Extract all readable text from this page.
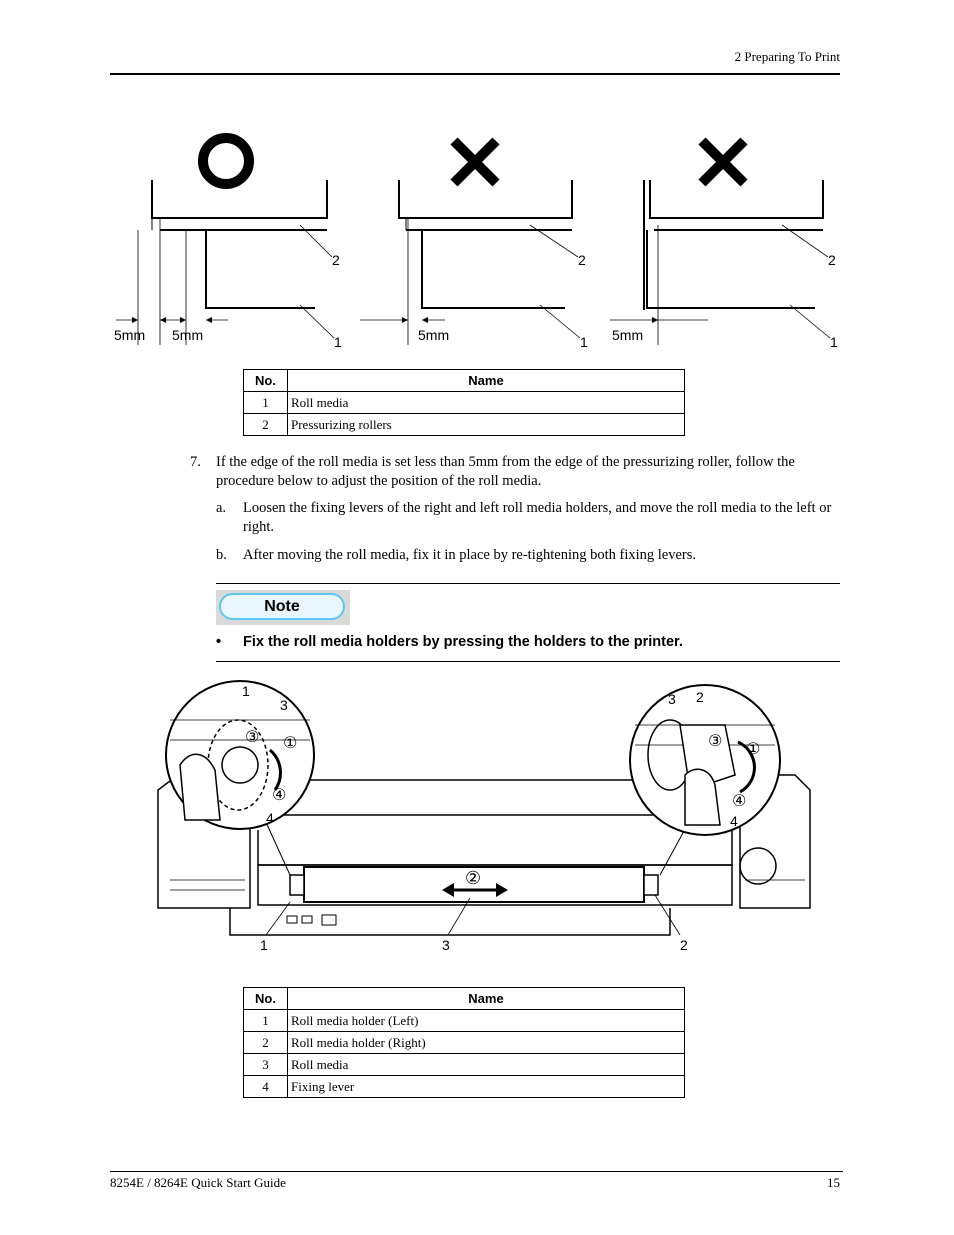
2 Preparing To Print
5mm 5mm
2
1	5mm
2
1 5mm
2
1
No.	Name
1	Roll media
2	Pressurizing rollers
7. If the edge of the roll media is set less than 5mm from the edge of the pressurizing roller, follow the procedure below to adjust the position of the roll media.
a. Loosen the fixing levers of the right and left roll media holders, and move the roll media to the left or right.
b. After moving the roll media, fix it in place by re-tightening both fixing levers.
Note
• Fix the roll media holders by pressing the holders to the printer.
②
③ ①
④
1
3
4
③ ①
④
3 2
4
1	3	2
No.	Name
1	Roll media holder (Left)
2	Roll media holder (Right)
3	Roll media
4	Fixing lever
8254E / 8264E Quick Start Guide	15
